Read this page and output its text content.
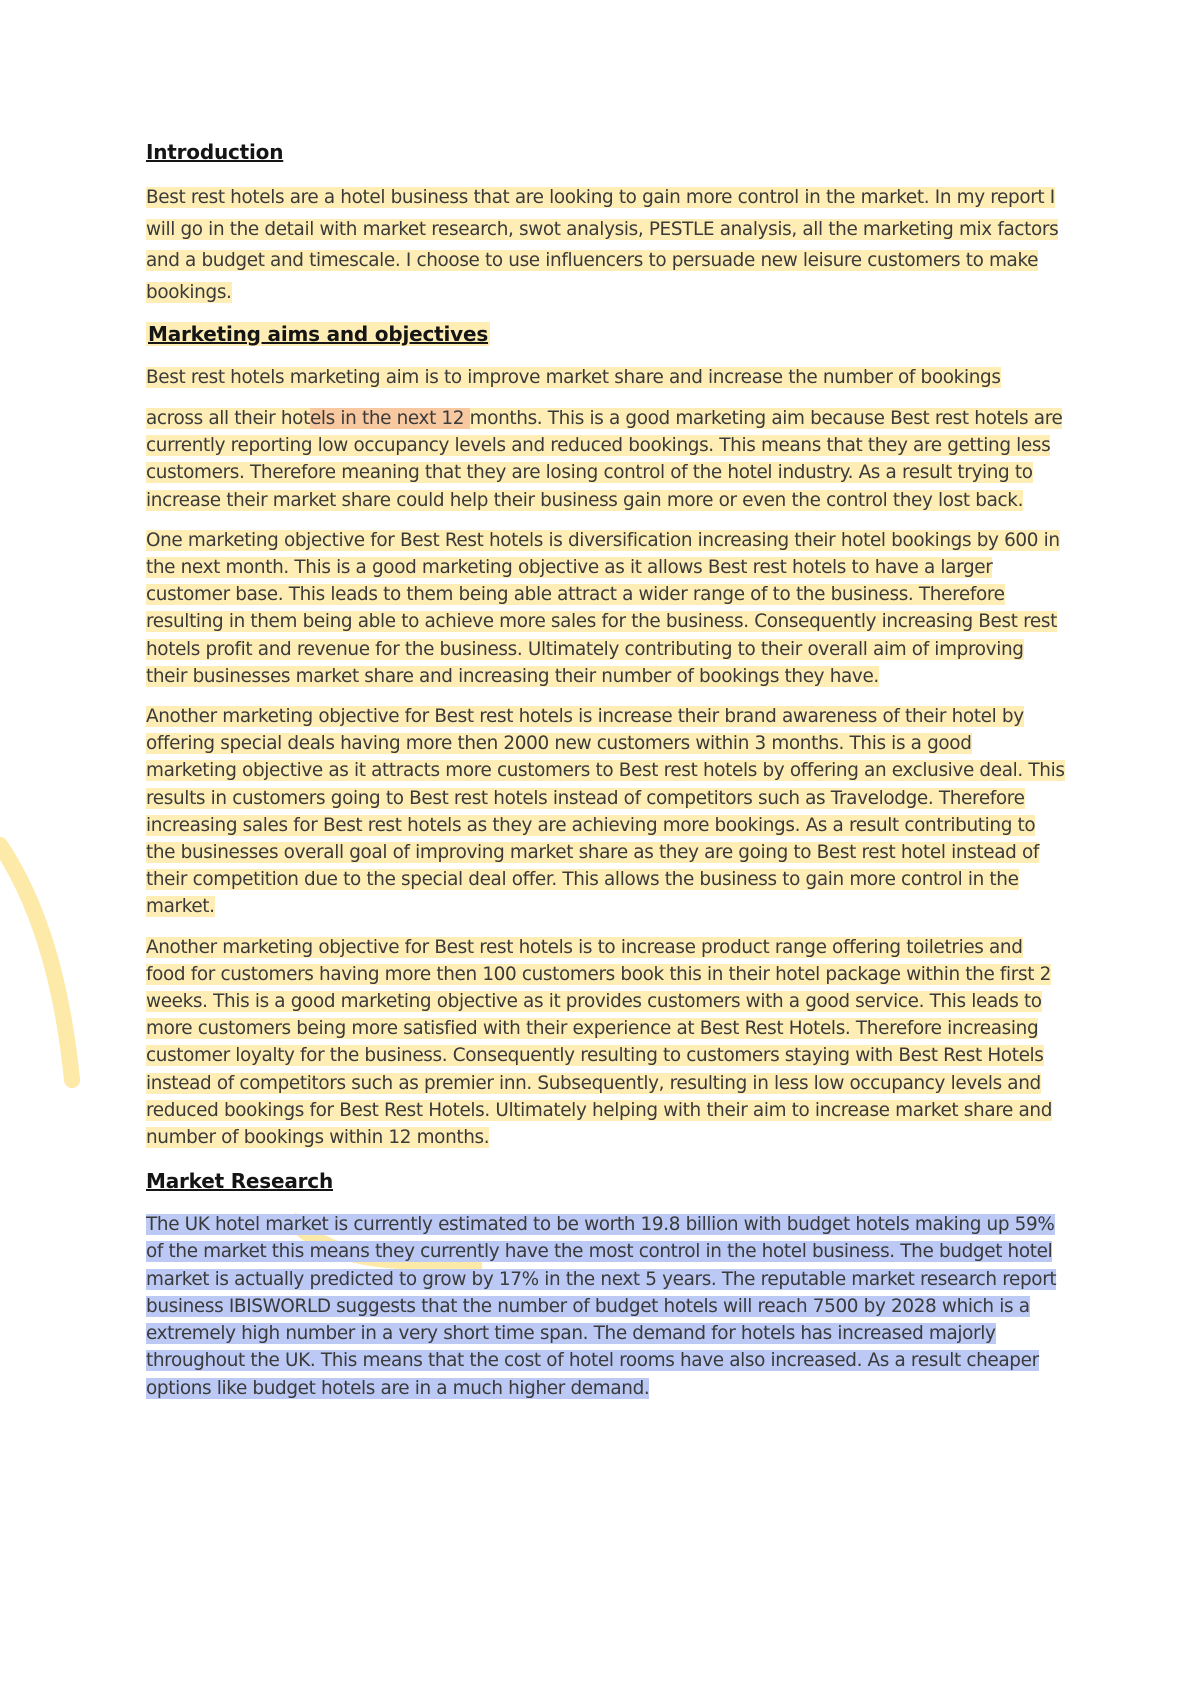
Introduction

Best rest hotels are a hotel business that are looking to gain more control in the market. In my report I will go in the detail with market research, swot analysis, PESTLE analysis, all the marketing mix factors and a budget and timescale. I choose to use influencers to persuade new leisure customers to make bookings.

Marketing aims and objectives

Best rest hotels marketing aim is to improve market share and increase the number of bookings

across all their hotels in the next 12 months. This is a good marketing aim because Best rest hotels are currently reporting low occupancy levels and reduced bookings. This means that they are getting less customers. Therefore meaning that they are losing control of the hotel industry. As a result trying to increase their market share could help their business gain more or even the control they lost back.

One marketing objective for Best Rest hotels is diversification increasing their hotel bookings by 600 in the next month. This is a good marketing objective as it allows Best rest hotels to have a larger customer base. This leads to them being able attract a wider range of to the business. Therefore resulting in them being able to achieve more sales for the business. Consequently increasing Best rest hotels profit and revenue for the business. Ultimately contributing to their overall aim of improving their businesses market share and increasing their number of bookings they have.

Another marketing objective for Best rest hotels is increase their brand awareness of their hotel by offering special deals having more then 2000 new customers within 3 months. This is a good marketing objective as it attracts more customers to Best rest hotels by offering an exclusive deal. This results in customers going to Best rest hotels instead of competitors such as Travelodge. Therefore increasing sales for Best rest hotels as they are achieving more bookings. As a result contributing to the businesses overall goal of improving market share as they are going to Best rest hotel instead of their competition due to the special deal offer. This allows the business to gain more control in the market.

Another marketing objective for Best rest hotels is to increase product range offering toiletries and food for customers having more then 100 customers book this in their hotel package within the first 2 weeks. This is a good marketing objective as it provides customers with a good service. This leads to more customers being more satisfied with their experience at Best Rest Hotels. Therefore increasing customer loyalty for the business. Consequently resulting to customers staying with Best Rest Hotels instead of competitors such as premier inn. Subsequently, resulting in less low occupancy levels and reduced bookings for Best Rest Hotels. Ultimately helping with their aim to increase market share and number of bookings within 12 months.

Market Research

The UK hotel market is currently estimated to be worth 19.8 billion with budget hotels making up 59% of the market this means they currently have the most control in the hotel business. The budget hotel market is actually predicted to grow by 17% in the next 5 years. The reputable market research report business IBISWORLD suggests that the number of budget hotels will reach 7500 by 2028 which is a extremely high number in a very short time span. The demand for hotels has increased majorly throughout the UK. This means that the cost of hotel rooms have also increased. As a result cheaper options like budget hotels are in a much higher demand.
